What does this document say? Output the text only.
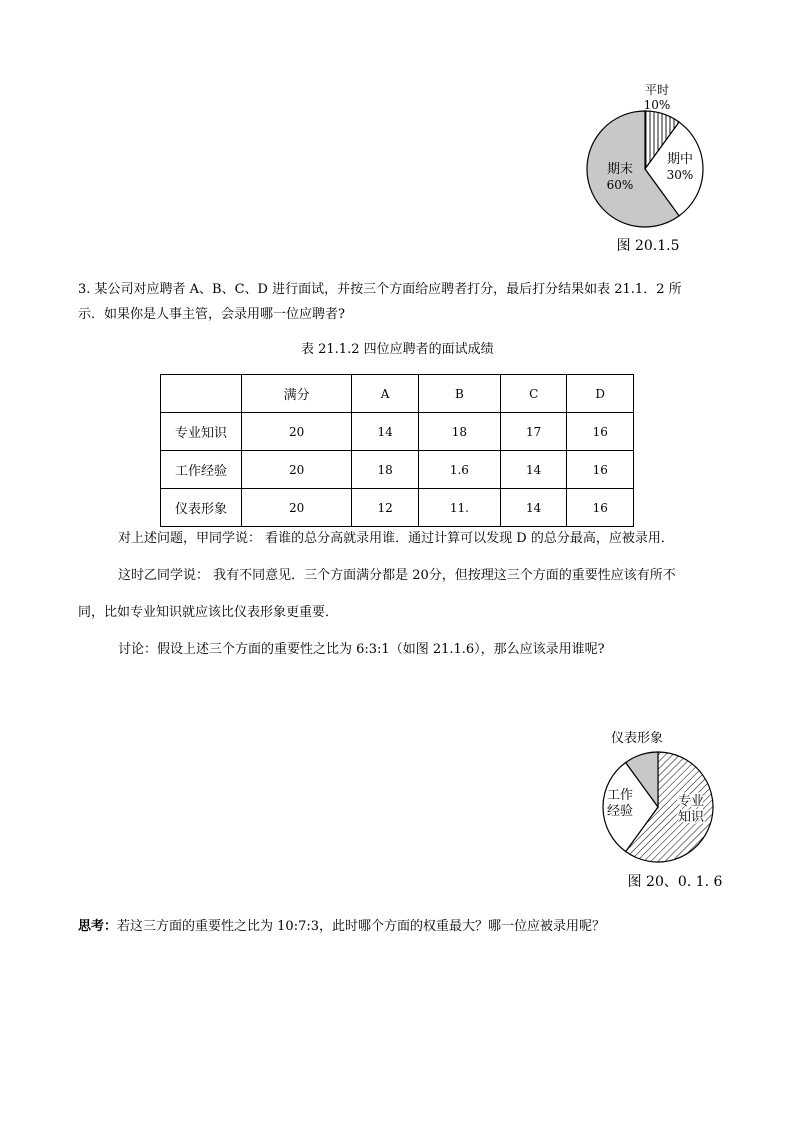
平时
10%
期中
30%
期末
60%
图 20.1.5
3. 某公司对应聘者 A、B、C、D 进行面试，并按三个方面给应聘者打分，最后打分结果如表 21.1．2 所
示．如果你是人事主管，会录用哪一位应聘者?
表 21.1.2 四位应聘者的面试成绩
	满分	A	B	C	D
专业知识	20	14	18	17	16
工作经验	20	18	1.6	14	16
仪表形象	20	12	11.	14	16
对上述问题，甲同学说： 看谁的总分高就录用谁．通过计算可以发现 D 的总分最高，应被录用．
这时乙同学说： 我有不同意见．三个方面满分都是 20分，但按理这三个方面的重要性应该有所不
同，比如专业知识就应该比仪表形象更重要．
讨论：假设上述三个方面的重要性之比为 6:3:1（如图 21.1.6），那么应该录用谁呢?
仪表形象
工作
经验
专业
知识
图 20、0. 1. 6
思考：若这三方面的重要性之比为 10:7:3，此时哪个方面的权重最大？哪一位应被录用呢？
